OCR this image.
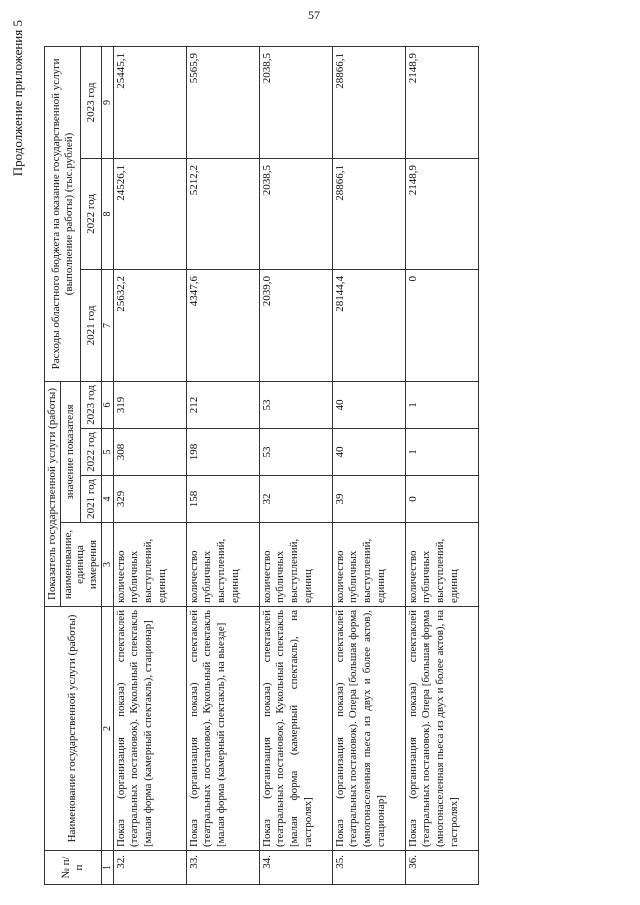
57
Продолжение приложения 5
№ п/п	Наименование государственной услуги (работы)	Показатель государственной услуги (работы)				Расходы областного бюджета на оказание государственной услуги (выполнение работы) (тыс.рублей)		
		наименование, единица измерения	значение показателя					
			2021 год	2022 год	2023 год	2021 год	2022 год	2023 год
1	2	3	4	5	6	7	8	9
32.	Показ (организация показа) спектаклей (театральных постановок). Кукольный спектакль [малая форма (камерный спектакль), стационар]	количество публичных выступлений, единиц	329	308	319	25632,2	24526,1	25445,1
33.	Показ (организация показа) спектаклей (театральных постановок). Кукольный спектакль [малая форма (камерный спектакль), на выезде]	количество публичных выступлений, единиц	158	198	212	4347,6	5212,2	5565,9
34.	Показ (организация показа) спектаклей (театральных постановок). Кукольный спектакль [малая форма (камерный спектакль), на гастролях]	количество публичных выступлений, единиц	32	53	53	2039,0	2038,5	2038,5
35.	Показ (организация показа) спектаклей (театральных постановок). Опера [большая форма (многонаселенная пьеса из двух и более актов), стационар]	количество публичных выступлений, единиц	39	40	40	28144,4	28866,1	28866,1
36.	Показ (организация показа) спектаклей (театральных постановок). Опера [большая форма (многонаселенная пьеса из двух и более актов), на гастролях]	количество публичных выступлений, единиц	0	1	1	0	2148,9	2148,9
